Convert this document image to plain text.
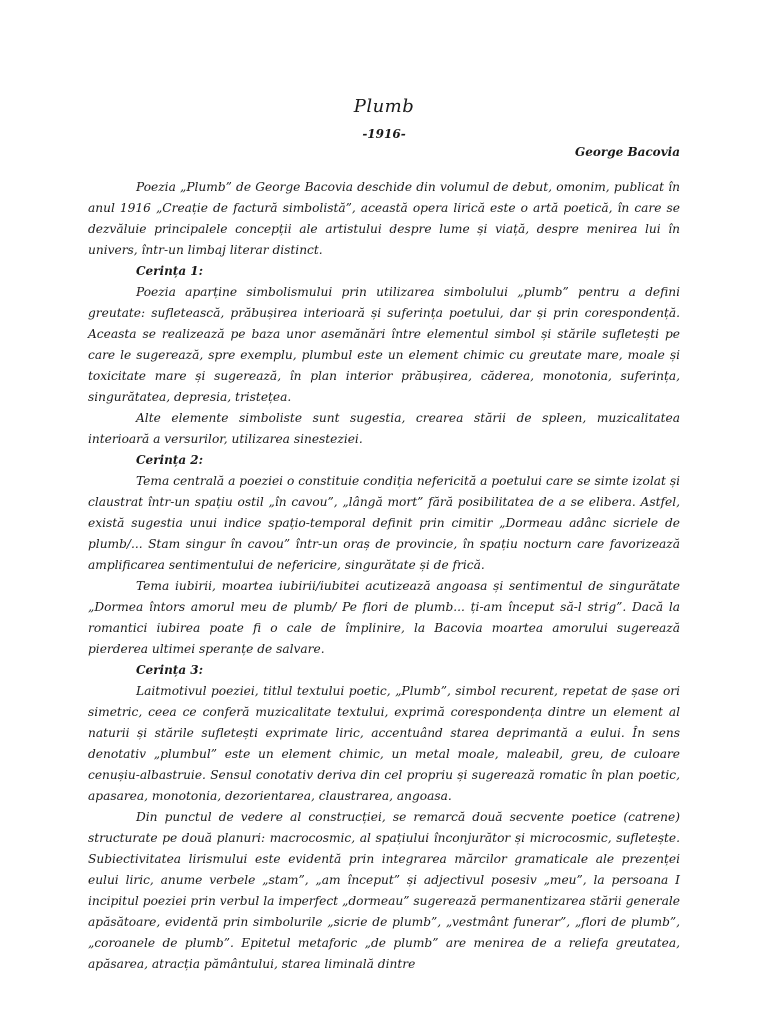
Plumb
-1916-
George Bacovia

Poezia „Plumb” de George Bacovia deschide din volumul de debut, omonim, publicat în anul 1916 „Creație de factură simbolistă”, această opera lirică este o artă poetică, în care se dezvăluie principalele concepții ale artistului despre lume și viață, despre menirea lui în univers, într-un limbaj literar distinct.

Cerința 1:

Poezia aparține simbolismului prin utilizarea simbolului „plumb” pentru a defini greutate: sufletească, prăbușirea interioară și suferința poetului, dar și prin corespondență. Aceasta se realizează pe baza unor asemănări între elementul simbol și stările sufletești pe care le sugerează, spre exemplu, plumbul este un element chimic cu greutate mare, moale și toxicitate mare și sugerează, în plan interior prăbușirea, căderea, monotonia, suferința, singurătatea, depresia, tristețea.

Alte elemente simboliste sunt sugestia, crearea stării de spleen, muzicalitatea interioară a versurilor, utilizarea sinesteziei.

Cerința 2:

Tema centrală a poeziei o constituie condiția nefericită a poetului care se simte izolat și claustrat într-un spațiu ostil „în cavou”, „lângă mort” fără posibilitatea de a se elibera. Astfel, există sugestia unui indice spațio-temporal definit prin cimitir „Dormeau adânc sicriele de plumb/... Stam singur în cavou” într-un oraș de provincie, în spațiu nocturn care favorizează amplificarea sentimentului de nefericire, singurătate și de frică.

Tema iubirii, moartea iubirii/iubitei acutizează angoasa și sentimentul de singurătate „Dormea întors amorul meu de plumb/ Pe flori de plumb... ți-am început să-l strig”. Dacă la romantici iubirea poate fi o cale de împlinire, la Bacovia moartea amorului sugerează pierderea ultimei speranțe de salvare.

Cerința 3:

Laitmotivul poeziei, titlul textului poetic, „Plumb”, simbol recurent, repetat de șase ori simetric, ceea ce conferă muzicalitate textului, exprimă corespondența dintre un element al naturii și stările sufletești exprimate liric, accentuând starea deprimantă a eului. În sens denotativ „plumbul” este un element chimic, un metal moale, maleabil, greu, de culoare cenușiu-albastruie. Sensul conotativ deriva din cel propriu și sugerează romatic în plan poetic, apasarea, monotonia, dezorientarea, claustrarea, angoasa.

Din punctul de vedere al construcției, se remarcă două secvente poetice (catrene) structurate pe două planuri: macrocosmic, al spațiului înconjurător și microcosmic, sufletește. Subiectivitatea lirismului este evidentă prin integrarea mărcilor gramaticale ale prezenței eului liric, anume verbele „stam”, „am început” și adjectivul posesiv „meu”, la persoana I incipitul poeziei prin verbul la imperfect „dormeau” sugerează permanentizarea stării generale apăsătoare, evidentă prin simbolurile „sicrie de plumb”, „vestmânt funerar”, „flori de plumb”, „coroanele de plumb”. Epitetul metaforic „de plumb” are menirea de a reliefa greutatea, apăsarea, atracția pământului, starea liminală dintre
